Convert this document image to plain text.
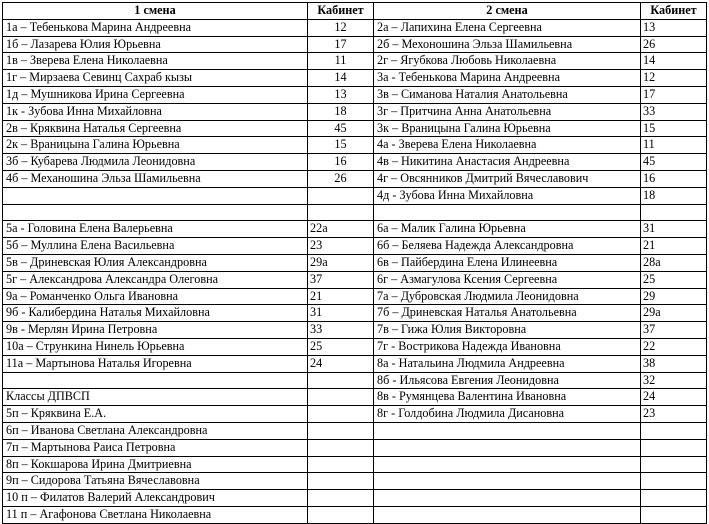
1 смена	Кабинет	2 смена	Кабинет
1а – Тебенькова Марина Андреевна	12	2а – Лапихина Елена Сергеевна	13
1б – Лазарева Юлия Юрьевна	17	2б – Мехоношина Эльза Шамильевна	26
1в – Зверева Елена Николаевна	11	2г – Ягубкова Любовь Николаевна	14
1г – Мирзаева Севинц Сахраб кызы	14	3а - Тебенькова Марина Андреевна	12
1д – Мушникова Ирина Сергеевна	13	3в – Симанова Наталия Анатольевна	17
1к - Зубова Инна Михайловна	18	3г – Притчина Анна Анатольевна	33
2в – Кряквина Наталья Сергеевна	45	3к – Враницына Галина Юрьевна	15
2к – Враницына Галина Юрьевна	15	4а - Зверева Елена Николаевна	11
3б – Кубарева Людмила Леонидовна	16	4в – Никитина Анастасия Андреевна	45
4б – Механошина Эльза Шамильевна	26	4г – Овсянников Дмитрий Вячеславович	16
		4д - Зубова Инна Михайловна	18

5а - Головина Елена Валерьевна	22а	6а – Малик Галина Юрьевна	31
5б – Муллина Елена Васильевна	23	6б – Беляева Надежда Александровна	21
5в – Дриневская Юлия Александровна	29а	6в – Пайбердина Елена Илинеевна	28а
5г – Александрова Александра Олеговна	37	6г – Азмагулова Ксения Сергеевна	25
9а – Романченко Ольга Ивановна	21	7а – Дубровская Людмила Леонидовна	29
9б - Калибердина Наталья Михайловна	31	7б – Дриневская Наталья Анатольевна	29а
9в - Мерлян Ирина Петровна	33	7в – Гижа Юлия Викторовна	37
10а – Стрункина Нинель Юрьевна	25	7г - Вострикова Надежда Ивановна	22
11а – Мартынова Наталья Игоревна	24	8а - Натальина Людмила Андреевна	38
		8б - Ильясова Евгения Леонидовна	32
Классы ДПВСП		8в - Румянцева Валентина Ивановна	24
5п – Кряквина Е.А.		8г - Голдобина Людмила Дисановна	23
6п – Иванова Светлана Александровна			
7п – Мартынова Раиса Петровна			
8п – Кокшарова Ирина Дмитриевна			
9п – Сидорова Татьяна Вячеславовна			
10 п – Филатов Валерий Александрович			
11 п – Агафонова Светлана Николаевна			
